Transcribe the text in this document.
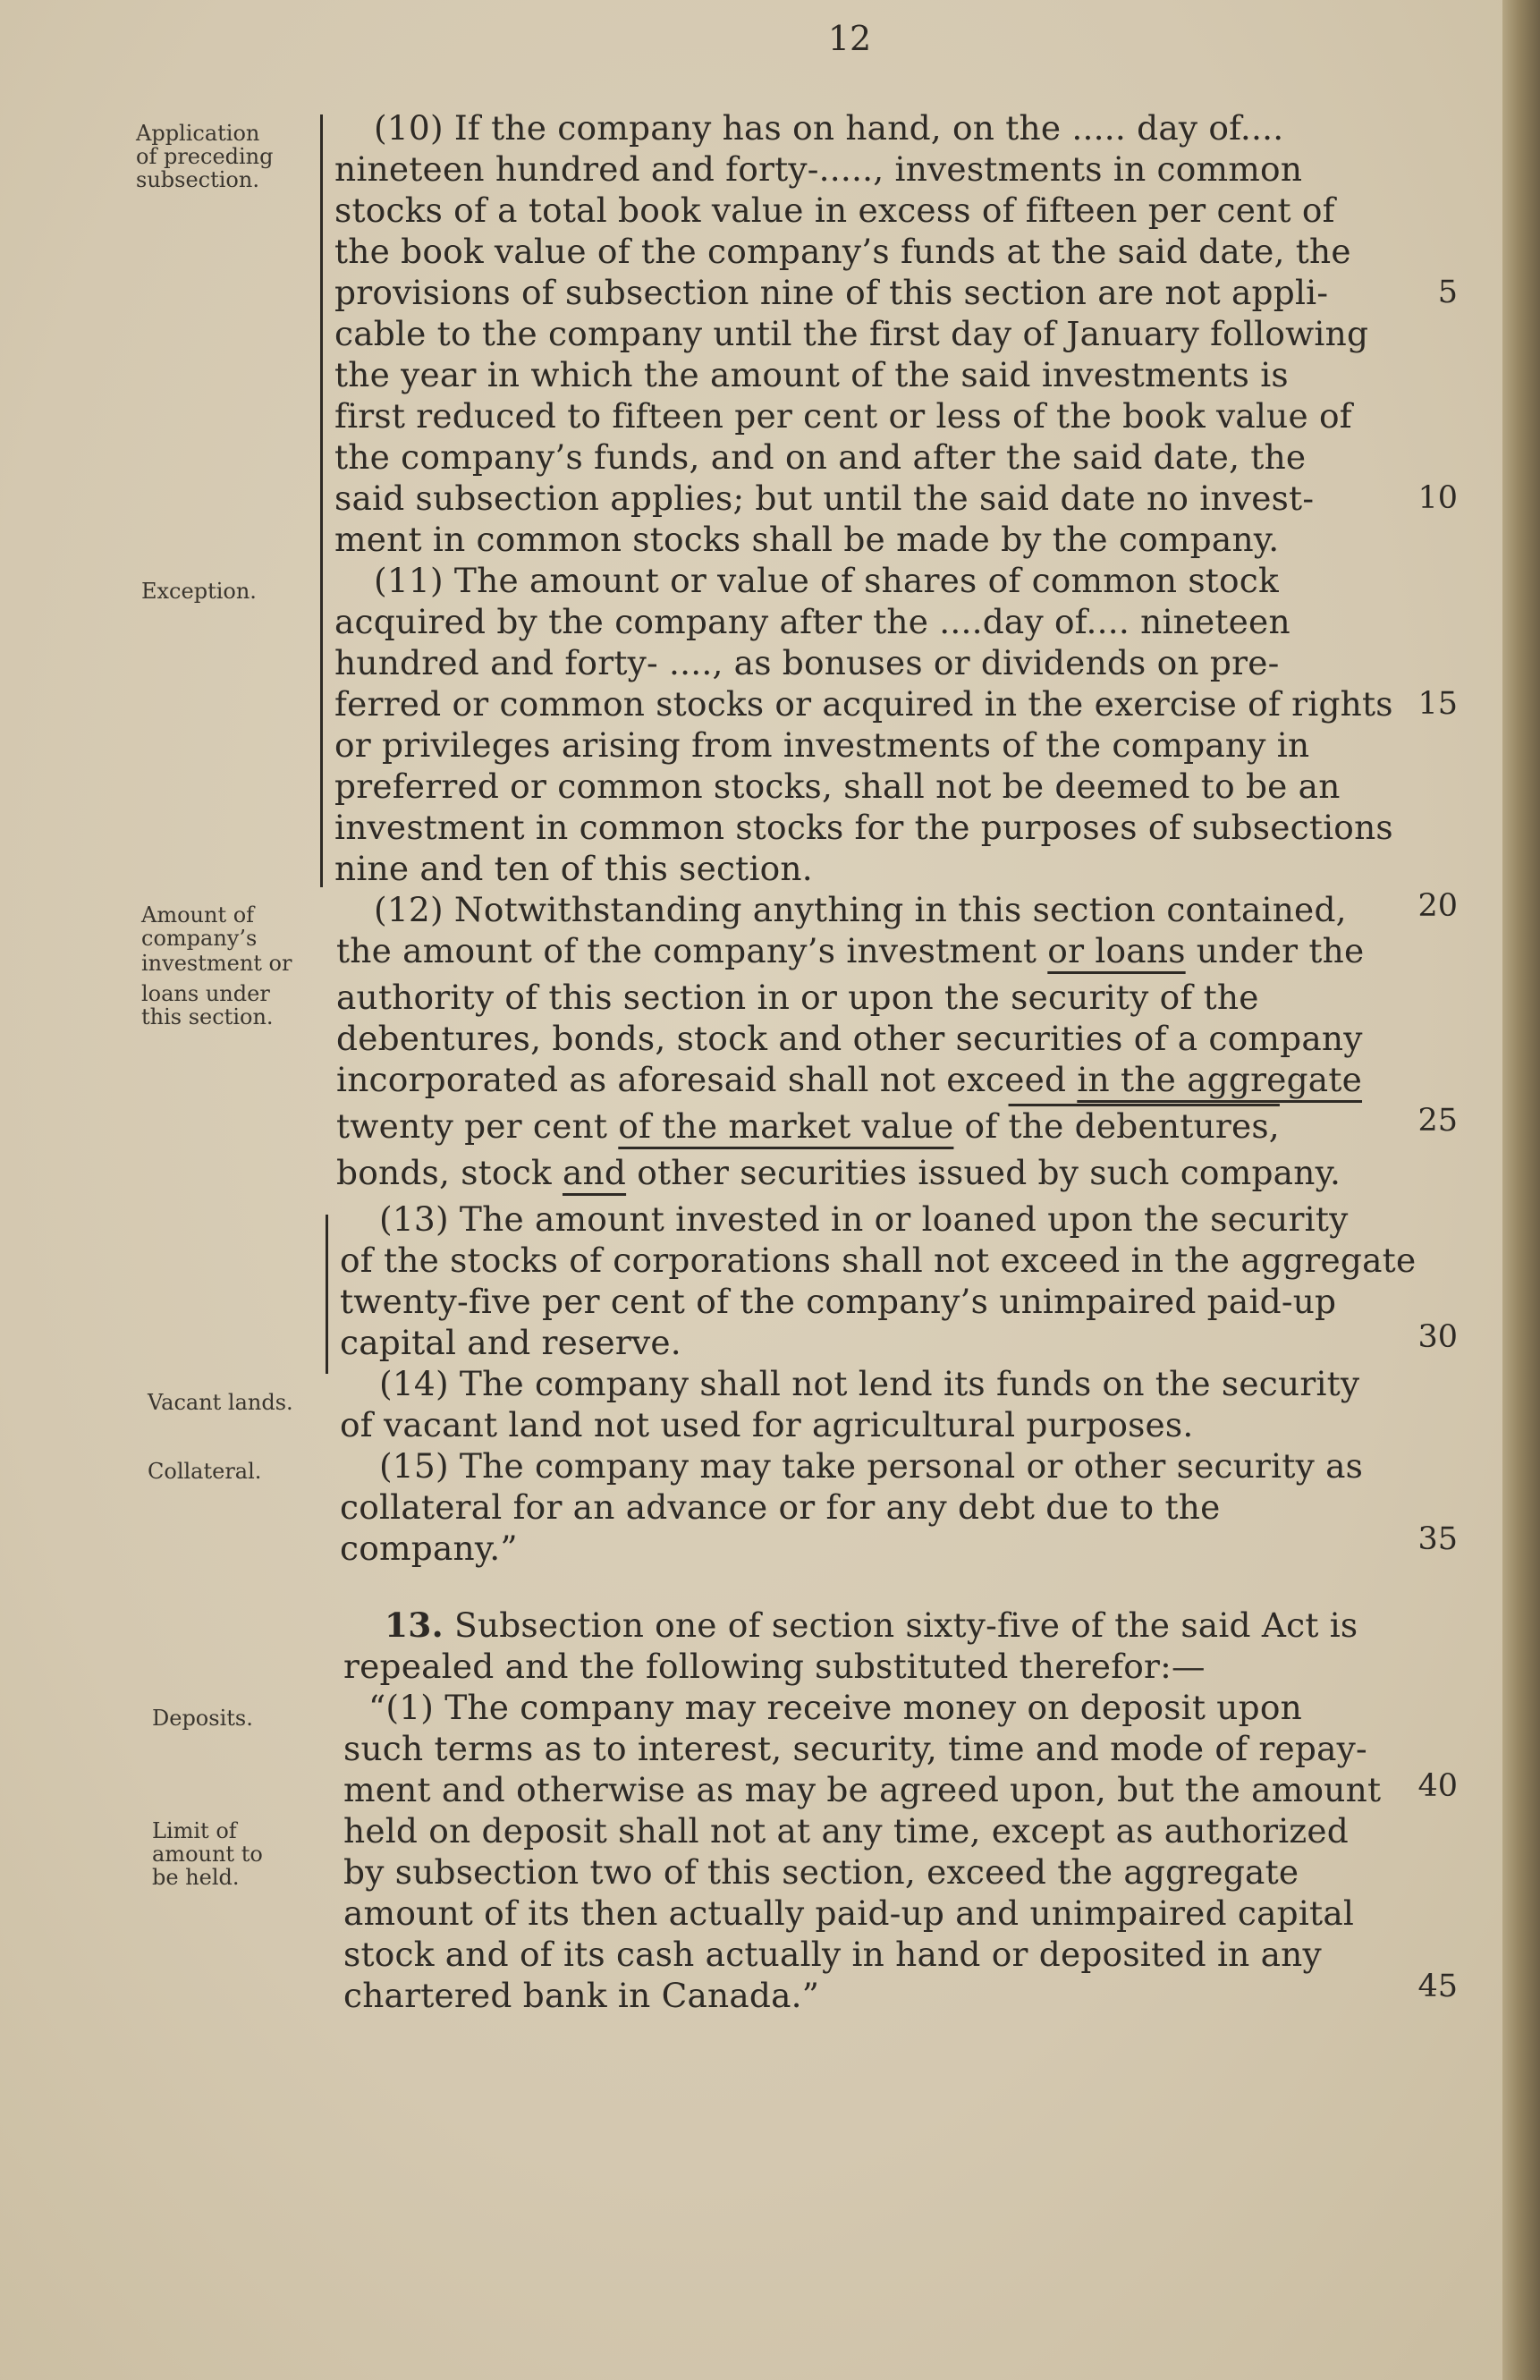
12
Application
of preceding
subsection.
Exception.
Amount of
company’s
investment or
loans under
this section.
Vacant lands.
Collateral.
Deposits.
Limit of
amount to
be held.
(10) If the company has on hand, on the ..... day of....
nineteen hundred and forty-....., investments in common
stocks of a total book value in excess of fifteen per cent of
the book value of the company’s funds at the said date, the
provisions of subsection nine of this section are not appli-
cable to the company until the first day of January following
the year in which the amount of the said investments is
first reduced to fifteen per cent or less of the book value of
the company’s funds, and on and after the said date, the
said subsection applies; but until the said date no invest-
ment in common stocks shall be made by the company.
(11) The amount or value of shares of common stock
acquired by the company after the ....day of.... nineteen
hundred and forty- ...., as bonuses or dividends on pre-
ferred or common stocks or acquired in the exercise of rights
or privileges arising from investments of the company in
preferred or common stocks, shall not be deemed to be an
investment in common stocks for the purposes of subsections
nine and ten of this section.
(12) Notwithstanding anything in this section contained,
the amount of the company’s investment or loans under the
authority of this section in or upon the security of the
debentures, bonds, stock and other securities of a company
incorporated as aforesaid shall not exceed in the aggregate
twenty per cent of the market value of the debentures,
bonds, stock and other securities issued by such company.
(13) The amount invested in or loaned upon the security
of the stocks of corporations shall not exceed in the aggregate
twenty-five per cent of the company’s unimpaired paid-up
capital and reserve.
(14) The company shall not lend its funds on the security
of vacant land not used for agricultural purposes.
(15) The company may take personal or other security as
collateral for an advance or for any debt due to the
company.”
13. Subsection one of section sixty-five of the said Act is
repealed and the following substituted therefor:—
“(1) The company may receive money on deposit upon
such terms as to interest, security, time and mode of repay-
ment and otherwise as may be agreed upon, but the amount
held on deposit shall not at any time, except as authorized
by subsection two of this section, exceed the aggregate
amount of its then actually paid-up and unimpaired capital
stock and of its cash actually in hand or deposited in any
chartered bank in Canada.”
5
10
15
20
25
30
35
40
45
